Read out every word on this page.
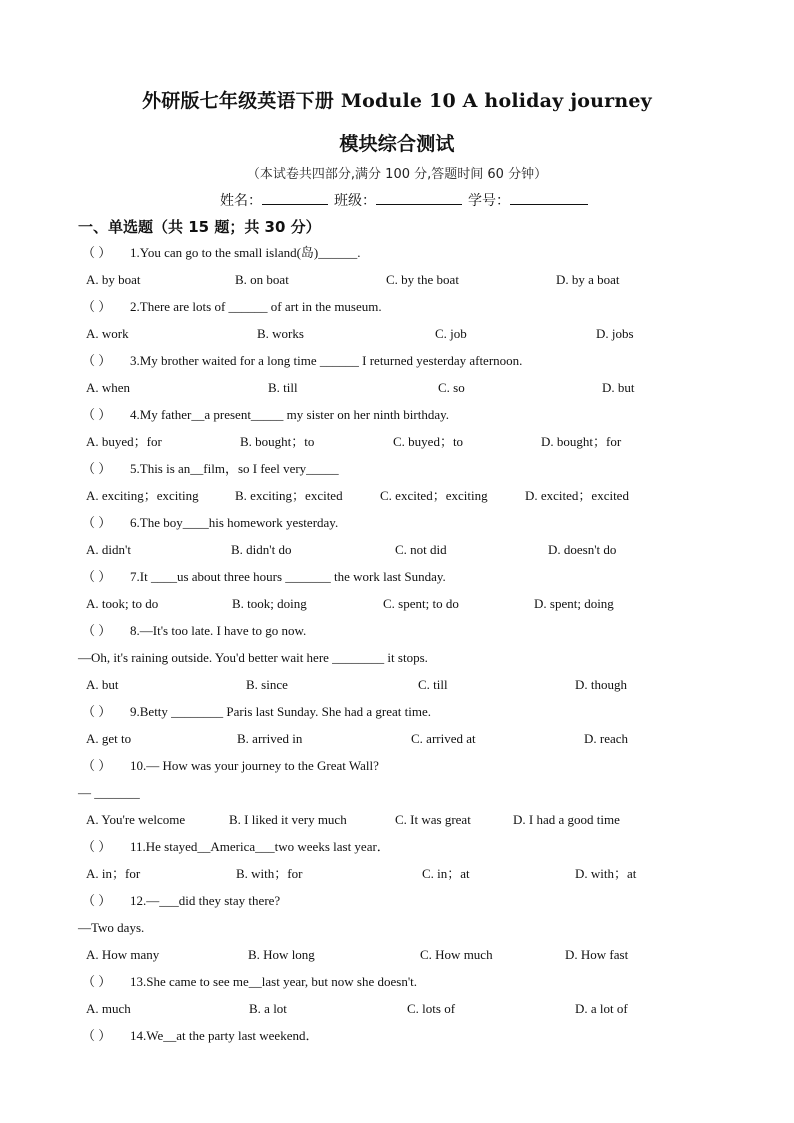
外研版七年级英语下册 Module 10 A holiday journey
模块综合测试
（本试卷共四部分,满分 100 分,答题时间 60 分钟）
姓名：	班级：	学号：
一、单选题（共 15 题；共 30 分）
（ ） 1.You can go to the small island(岛)______.
A. by boat	B. on boat	C. by the boat	D. by a boat
（ ） 2.There are lots of ______ of art in the museum.
A. work	B. works	C. job	D. jobs
（ ） 3.My brother waited for a long time ______ I returned yesterday afternoon.
A. when	B. till	C. so	D. but
（ ） 4.My father__a present_____ my sister on her ninth birthday.
A. buyed；for	B. bought；to	C. buyed；to	D. bought；for
（ ） 5.This is an__film，so I feel very_____
A. exciting；exciting	B. exciting；excited	C. excited；exciting	D. excited；excited
（ ） 6.The boy____his homework yesterday.
A. didn't	B. didn't do	C. not did	D. doesn't do
（ ） 7.It ____us about three hours _______ the work last Sunday.
A. took; to do	B. took; doing	C. spent; to do	D. spent; doing
（ ） 8.—It's too late. I have to go now.
—Oh, it's raining outside. You'd better wait here ________ it stops.
A. but	B. since	C. till	D. though
（ ） 9.Betty ________ Paris last Sunday. She had a great time.
A. get to	B. arrived in	C. arrived at	D. reach
（ ） 10.— How was your journey to the Great Wall?
— _______
A. You're welcome	B. I liked it very much	C. It was great	D. I had a good time
（ ） 11.He stayed__America___two weeks last year．
A. in；for	B. with；for	C. in；at	D. with；at
（ ） 12.—___did they stay there?
—Two days.
A. How many	B. How long	C. How much	D. How fast
（ ） 13.She came to see me__last year, but now she doesn't.
A. much	B. a lot	C. lots of	D. a lot of
（ ） 14.We__at the party last weekend．
